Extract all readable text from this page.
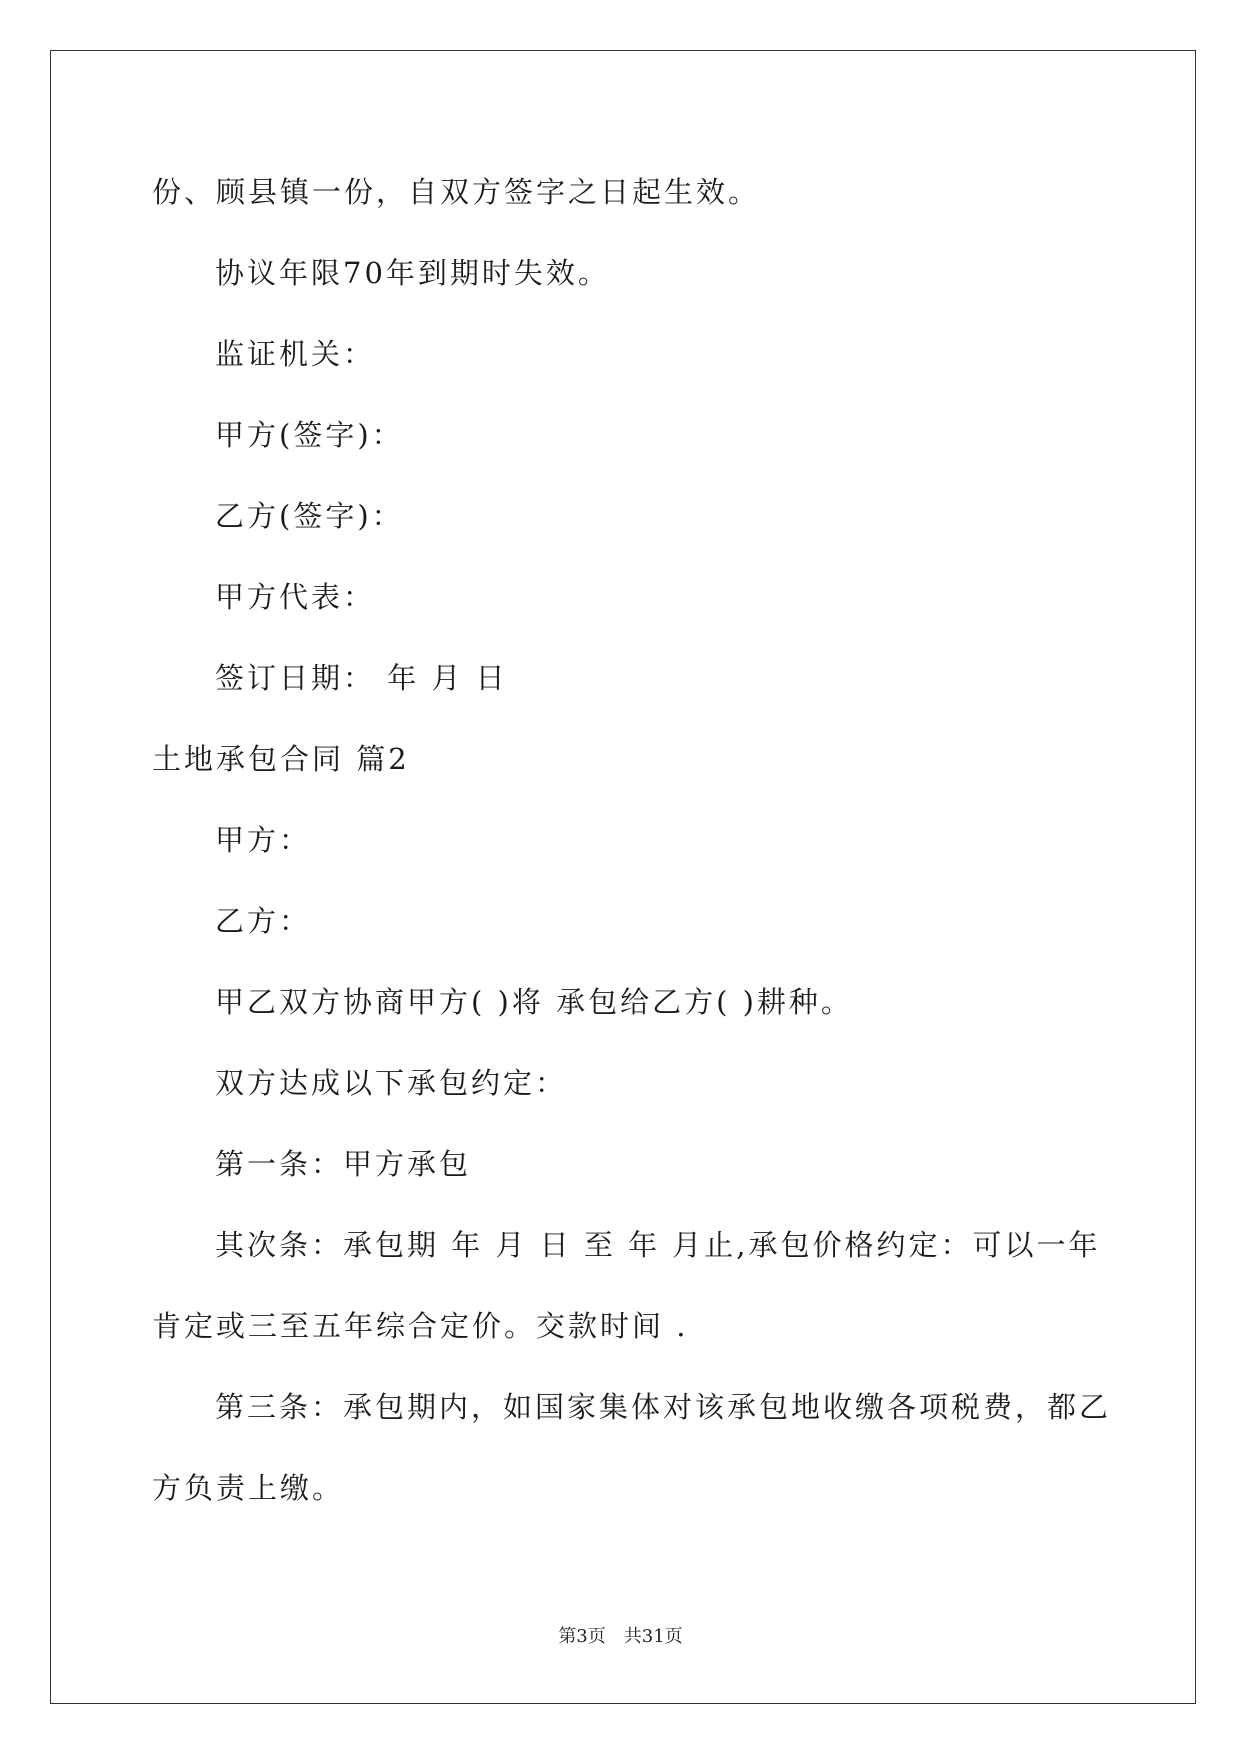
份、顾县镇一份，自双方签字之日起生效。
协议年限70年到期时失效。
监证机关：
甲方(签字)：
乙方(签字)：
甲方代表：
签订日期： 年 月 日
土地承包合同 篇2
甲方：
乙方：
甲乙双方协商甲方( )将 承包给乙方( )耕种。
双方达成以下承包约定：
第一条：甲方承包
其次条：承包期 年 月 日 至 年 月止,承包价格约定：可以一年
肯定或三至五年综合定价。交款时间 .
第三条：承包期内，如国家集体对该承包地收缴各项税费，都乙
方负责上缴。
第3页 共31页
